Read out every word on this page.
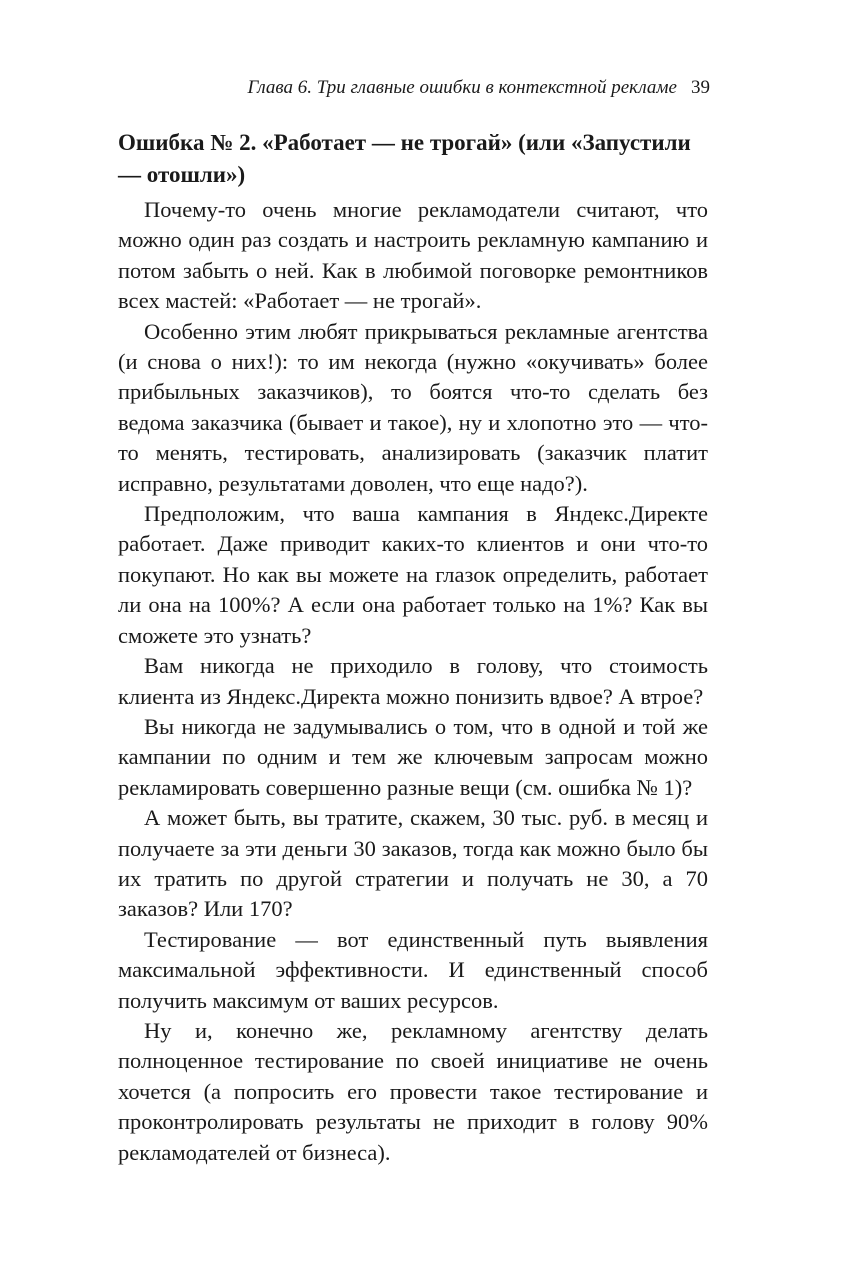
Глава 6. Три главные ошибки в контекстной рекламе 39
Ошибка № 2. «Работает — не трогай» (или «Запустили — отошли»)

Почему-то очень многие рекламодатели считают, что можно один раз создать и настроить рекламную кампанию и потом забыть о ней. Как в любимой поговорке ремонтников всех мастей: «Работает — не трогай».

Особенно этим любят прикрываться рекламные агентства (и снова о них!): то им некогда (нужно «окучивать» более прибыльных заказчиков), то боятся что-то сделать без ведома заказчика (бывает и такое), ну и хлопотно это — что-то менять, тестировать, анализировать (заказчик платит исправно, результатами доволен, что еще надо?).

Предположим, что ваша кампания в Яндекс.Директе работает. Даже приводит каких-то клиентов и они что-то покупают. Но как вы можете на глазок определить, работает ли она на 100%? А если она работает только на 1%? Как вы сможете это узнать?

Вам никогда не приходило в голову, что стоимость клиента из Яндекс.Директа можно понизить вдвое? А втрое?

Вы никогда не задумывались о том, что в одной и той же кампании по одним и тем же ключевым запросам можно рекламировать совершенно разные вещи (см. ошибка № 1)?

А может быть, вы тратите, скажем, 30 тыс. руб. в месяц и получаете за эти деньги 30 заказов, тогда как можно было бы их тратить по другой стратегии и получать не 30, а 70 заказов? Или 170?

Тестирование — вот единственный путь выявления максимальной эффективности. И единственный способ получить максимум от ваших ресурсов.

Ну и, конечно же, рекламному агентству делать полноценное тестирование по своей инициативе не очень хочется (а попросить его провести такое тестирование и проконтролировать результаты не приходит в голову 90% рекламодателей от бизнеса).
